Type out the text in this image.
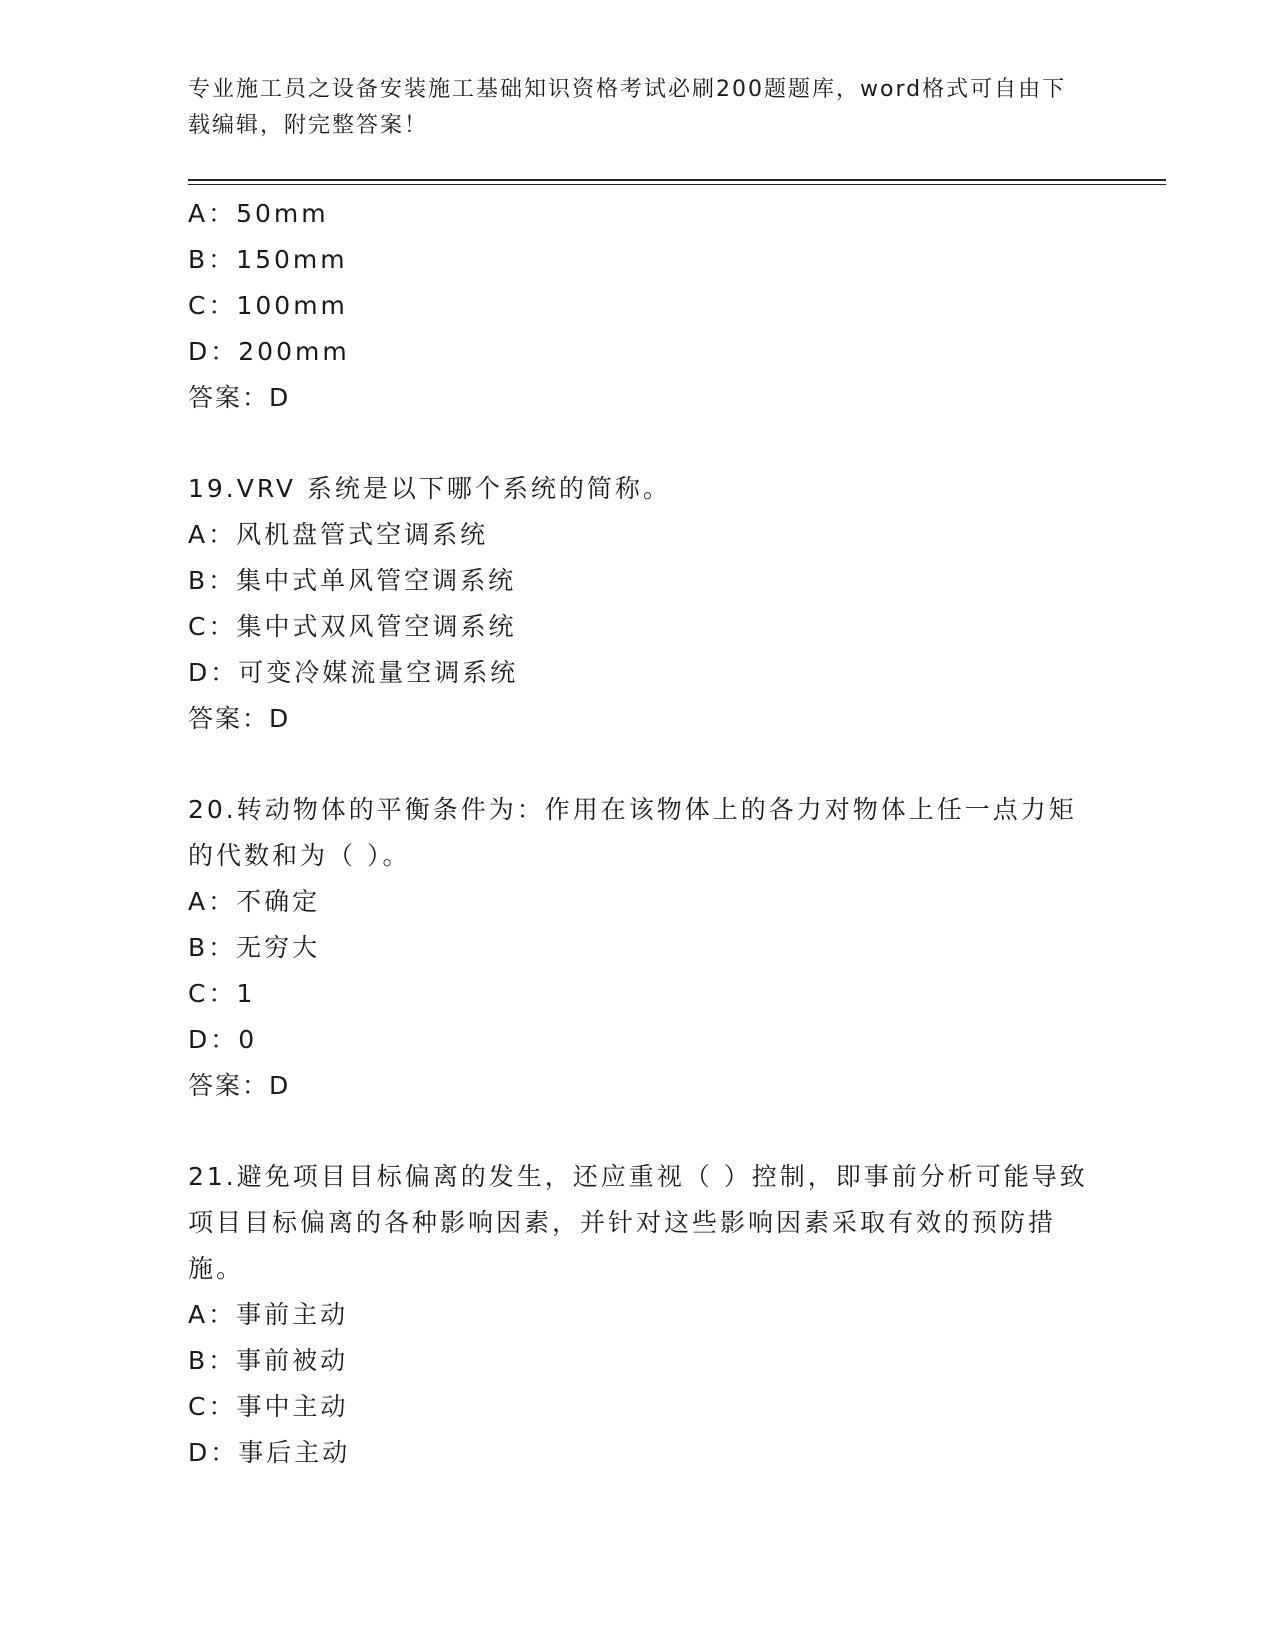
专业施工员之设备安装施工基础知识资格考试必刷200题题库，word格式可自由下载编辑，附完整答案！

A：50mm

B：150mm

C：100mm

D：200mm

答案：D

19.VRV 系统是以下哪个系统的简称。

A：风机盘管式空调系统

B：集中式单风管空调系统

C：集中式双风管空调系统

D：可变冷媒流量空调系统

答案：D

20.转动物体的平衡条件为：作用在该物体上的各力对物体上任一点力矩的代数和为（ ）。

A：不确定

B：无穷大

C：1

D：0

答案：D

21.避免项目目标偏离的发生，还应重视（ ）控制，即事前分析可能导致项目目标偏离的各种影响因素，并针对这些影响因素采取有效的预防措施。

A：事前主动

B：事前被动

C：事中主动

D：事后主动
